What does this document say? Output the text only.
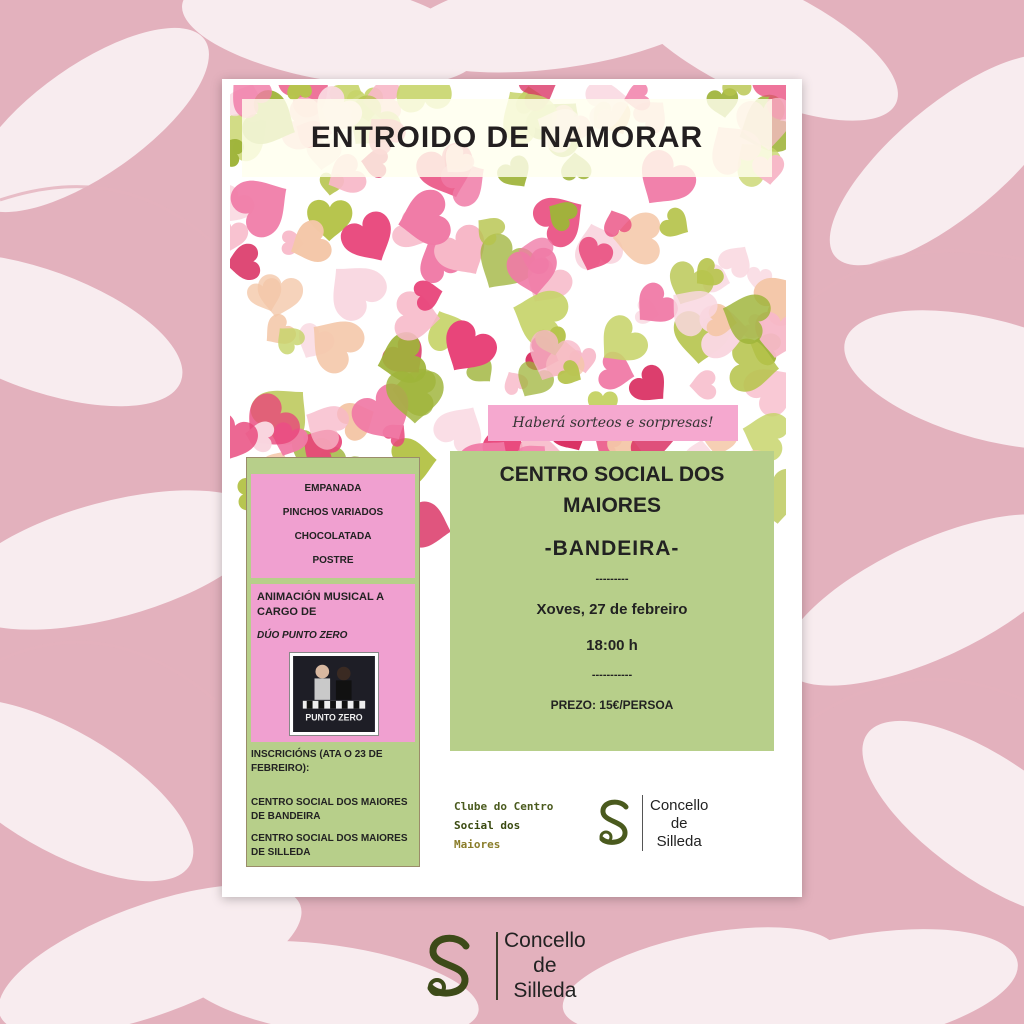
ENTROIDO DE NAMORAR
Haberá sorteos e sorpresas!
EMPANADA
PINCHOS VARIADOS
CHOCOLATADA
POSTRE
ANIMACIÓN MUSICAL A CARGO DE
DÚO PUNTO ZERO
PUNTO ZERO
INSCRICIÓNS (ATA O 23 DE FEBREIRO):
CENTRO SOCIAL DOS MAIORES DE BANDEIRA
CENTRO SOCIAL DOS MAIORES DE SILLEDA
CENTRO SOCIAL DOS MAIORES
-BANDEIRA-
---------
Xoves, 27 de febreiro
18:00 h
-----------
PREZO: 15€/PERSOA
Clube do Centro
Social dos
Maiores
Concello
de
Silleda
Concello
de
Silleda
